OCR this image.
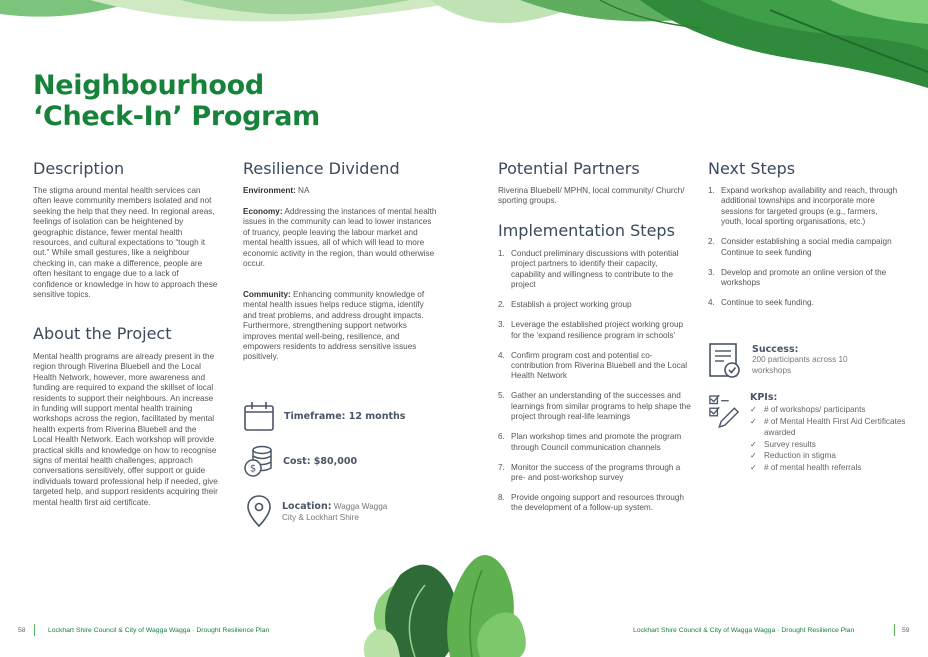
Neighbourhood
‘Check-In’ Program
Description
The stigma around mental health services can often leave community members isolated and not seeking the help that they need. In regional areas, feelings of isolation can be heightened by geographic distance, fewer mental health resources, and cultural expectations to “tough it out.” While small gestures, like a neighbour checking in, can make a difference, people are often hesitant to engage due to a lack of confidence or knowledge in how to approach these sensitive topics.
About the Project
Mental health programs are already present in the region through Riverina Bluebell and the Local Health Network, however, more awareness and funding are required to expand the skillset of local residents to support their neighbours. An increase in funding will support mental health training workshops across the region, facilitated by mental health experts from Riverina Bluebell and the Local Health Network. Each workshop will provide practical skills and knowledge on how to recognise signs of mental health challenges, approach conversations sensitively, offer support or guide individuals toward professional help if needed, give targeted help, and support residents acquiring their mental health first aid certificate.
Resilience Dividend
Environment: NA
Economy: Addressing the instances of mental health issues in the community can lead to lower instances of truancy, people leaving the labour market and mental health issues, all of which will lead to more economic activity in the region, than would otherwise occur.
Community: Enhancing community knowledge of mental health issues helps reduce stigma, identify and treat problems, and address drought impacts. Furthermore, strengthening support networks improves mental well-being, resilience, and empowers residents to address sensitive issues positively.
Timeframe: 12 months
$
Cost: $80,000
Location: Wagga Wagga
City & Lockhart Shire
Potential Partners
Riverina Bluebell/ MPHN, local community/ Church/ sporting groups.
Implementation Steps
1. Conduct preliminary discussions with potential project partners to identify their capacity, capability and willingness to contribute to the project
2. Establish a project working group
3. Leverage the established project working group for the ‘expand resilience program in schools’
4. Confirm program cost and potential co-contribution from Riverina Bluebell and the Local Health Network
5. Gather an understanding of the successes and learnings from similar programs to help shape the project through real-life learnings
6. Plan workshop times and promote the program through Council communication channels
7. Monitor the success of the programs through a pre- and post-workshop survey
8. Provide ongoing support and resources through the development of a follow-up system.
Next Steps
1. Expand workshop availability and reach, through additional townships and incorporate more sessions for targeted groups (e.g., farmers, youth, local sporting organisations, etc.)
2. Consider establishing a social media campaign Continue to seek funding
3. Develop and promote an online version of the workshops
4. Continue to seek funding.
Success:
200 participants across 10 workshops
KPIs:
✓ # of workshops/ participants
✓ # of Mental Health First Aid Certificates awarded
✓ Survey results
✓ Reduction in stigma
✓ # of mental health referrals
58	Lockhart Shire Council & City of Wagga Wagga · Drought Resilience Plan	Lockhart Shire Council & City of Wagga Wagga · Drought Resilience Plan	59
